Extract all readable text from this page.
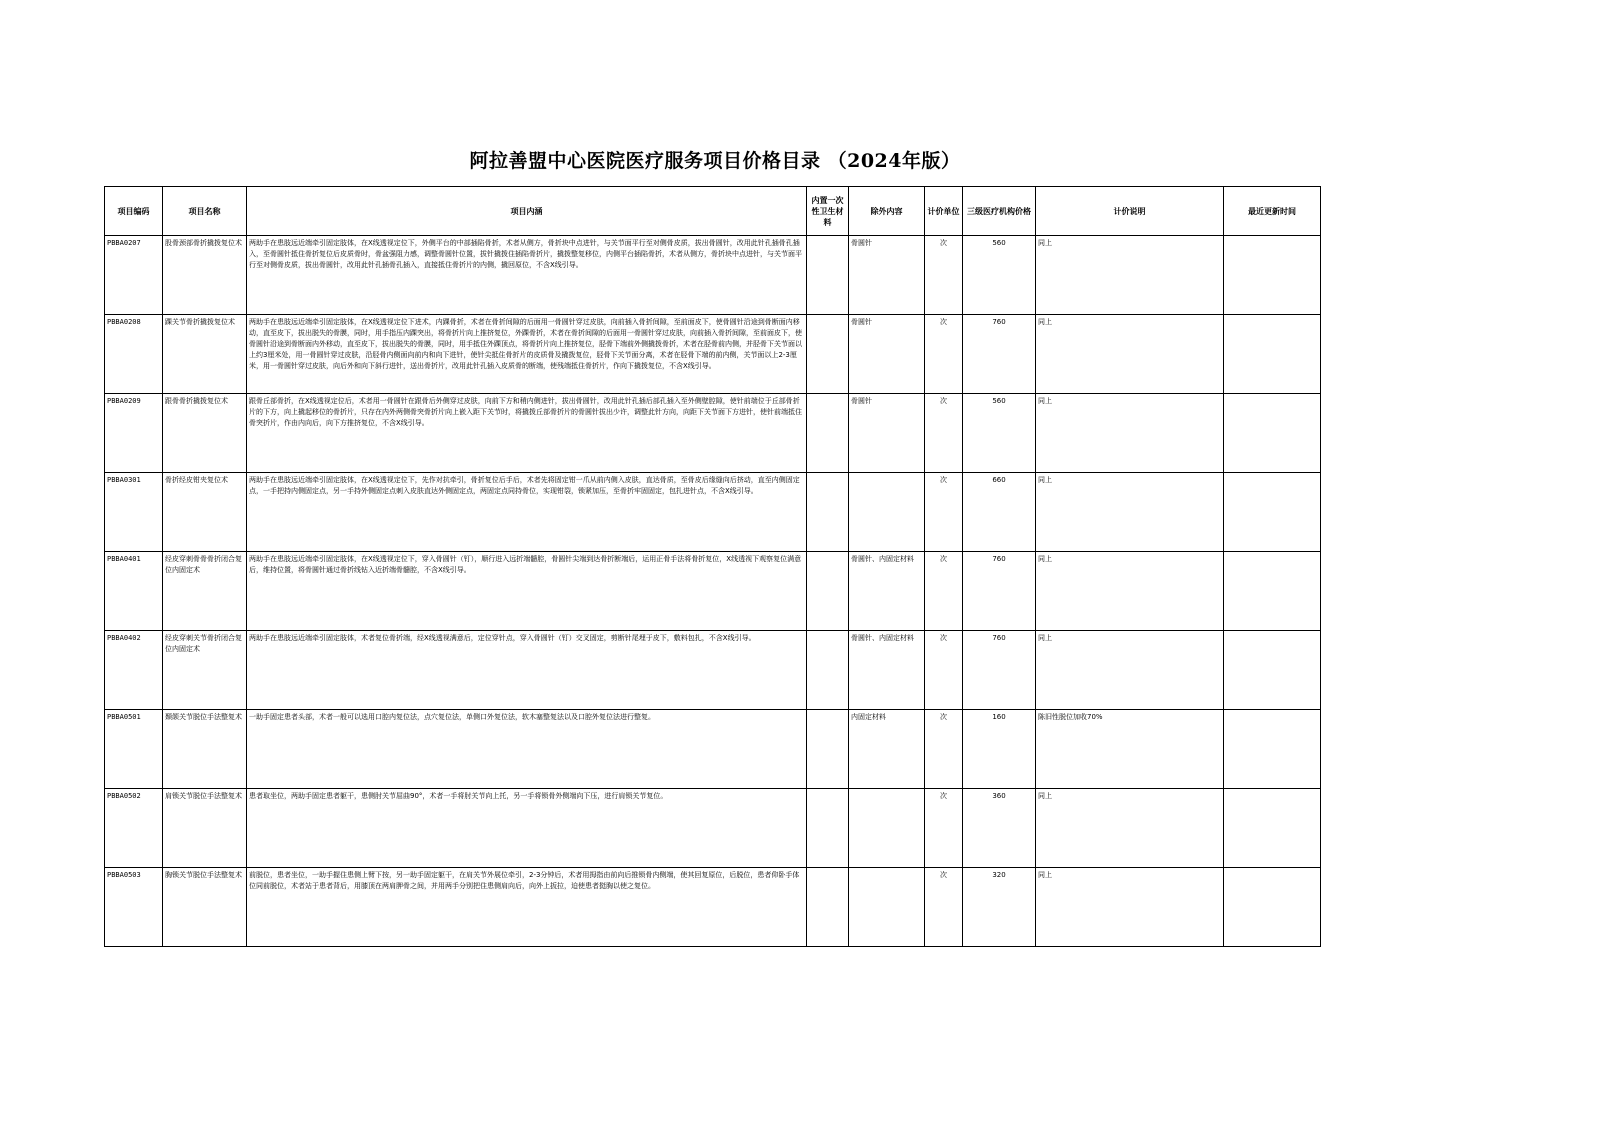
阿拉善盟中心医院医疗服务项目价格目录 （2024年版）
项目编码	项目名称	项目内涵	内置一次性卫生材料	除外内容	计价单位	三级医疗机构价格	计价说明	最近更新时间
PBBA0207	股骨颈部骨折撬拨复位术	两助手在患肢远近端牵引固定肢体，在X线透视定位下，外侧平台的中部插陷骨折，术者从侧方，骨折块中点进针，与关节面平行至对侧骨皮质，拔出骨圆针，改用此针孔插骨孔插入，至骨圆针抵住骨折复位后皮质骨时，骨盆强阻力感，调整骨圆针位置，拔针撬拨住插陷骨折片，撬拨整复移位，内侧平台插陷骨折，术者从侧方，骨折块中点进针，与关节面平行至对侧骨皮质，拔出骨圆针，改用此针孔插骨孔插入，直接抵住骨折片的内侧，撬回原位，不含X线引导。		骨圆针	次	560	同上	
PBBA0208	踝关节骨折撬拨复位术	两助手在患肢远近端牵引固定肢体，在X线透视定位下进术，内踝骨折，术者在骨折间隙的后面用一骨圆针穿过皮肤，向前插入骨折间隙，至前面皮下，使骨圆针沿途到骨断面内移动，直至皮下，拔出脱失的骨膜，同时，用手指压内踝突出，将骨折片向上推挤复位，外踝骨折，术者在骨折间隙的后面用一骨圆针穿过皮肤，向前插入骨折间隙，至前面皮下，使骨圆针沿途到骨断面内外移动，直至皮下，拔出脱失的骨膜，同时，用手抵住外踝顶点，将骨折片向上推挤复位，胫骨下端前外侧撬拨骨折，术者在胫骨前内侧，并胫骨下关节面以上约3厘米处，用一骨圆针穿过皮肤，沿胫骨内侧面向前内和向下进针，使针尖抵住骨折片的皮质骨及撬拨复位，胫骨下关节面分离，术者在胫骨下端的前内侧，关节面以上2-3厘米，用一骨圆针穿过皮肤，向后外和向下斜行进针，送出骨折片，改用此针孔插入皮质骨的断端，使残端抵住骨折片，作向下撬拨复位，不含X线引导。		骨圆针	次	760	同上	
PBBA0209	跟骨骨折撬拨复位术	跟骨丘部骨折，在X线透视定位后，术者用一骨圆针在跟骨后外侧穿过皮肤，向前下方和稍内侧进针，拔出骨圆针，改用此针孔插后部孔插入至外侧壁腔隙，使针前端位于丘部骨折片的下方，向上撬起移位的骨折片，只存在内外两侧骨突骨折片向上嵌入距下关节时，将撬拨丘部骨折片的骨圆针拔出少许，调整此针方向，向距下关节面下方进针，使针前端抵住骨突折片，作由内向后，向下方推挤复位，不含X线引导。		骨圆针	次	560	同上	
PBBA0301	骨折经皮钳夹复位术	两助手在患肢远近端牵引固定肢体，在X线透视定位下，先作对抗牵引，骨折复位后手后，术者先将固定钳一爪从前内侧入皮肤，直达骨质，至骨皮后缘缝向后挤动，直至内侧固定点，一手把持内侧固定点，另一手持外侧固定点刺入皮肤直达外侧固定点，两固定点同持骨位，实现钳裂，锁紧加压，至骨折牢固固定，包扎进针点，不含X线引导。			次	660	同上	
PBBA0401	经皮穿刺骨骨骨折闭合复位内固定术	两助手在患肢远近端牵引固定肢体，在X线透视定位下，穿入骨圆针（钉），顺行进入远折端髓腔，骨圆针尖端到达骨折断端后，运用正骨手法将骨折复位，X线透视下观察复位满意后，维持位置，将骨圆针通过骨折线钻入近折端骨髓腔，不含X线引导。		骨圆针、内固定材料	次	760	同上	
PBBA0402	经皮穿刺关节骨折闭合复位内固定术	两助手在患肢远近端牵引固定肢体，术者复位骨折端，经X线透视满意后，定位穿针点，穿入骨圆针（钉）交叉固定，剪断针尾埋于皮下，敷料包扎，不含X线引导。		骨圆针、内固定材料	次	760	同上	
PBBA0501	颞颌关节脱位手法整复术	一助手固定患者头部，术者一般可以选用口腔内复位法，点穴复位法，单侧口外复位法，软木塞整复法以及口腔外复位法进行整复。		内固定材料	次	160	陈旧性脱位加收70%	
PBBA0502	肩锁关节脱位手法整复术	患者取坐位，两助手固定患者躯干，患侧肘关节屈曲90°，术者一手将肘关节向上托，另一手将锁骨外侧端向下压，进行肩锁关节复位。			次	360	同上	
PBBA0503	胸锁关节脱位手法整复术	前脱位，患者坐位，一助手握住患侧上臂下按，另一助手固定躯干，在肩关节外展位牵引，2-3分钟后，术者用拇指由前向后推锁骨内侧端，使其回复原位，后脱位，患者仰卧手体位同前脱位，术者站于患者背后，用膝顶在两肩胛骨之间，并用两手分别把住患侧肩向后，向外上扳拉，迫使患者挺胸以使之复位。			次	320	同上	
